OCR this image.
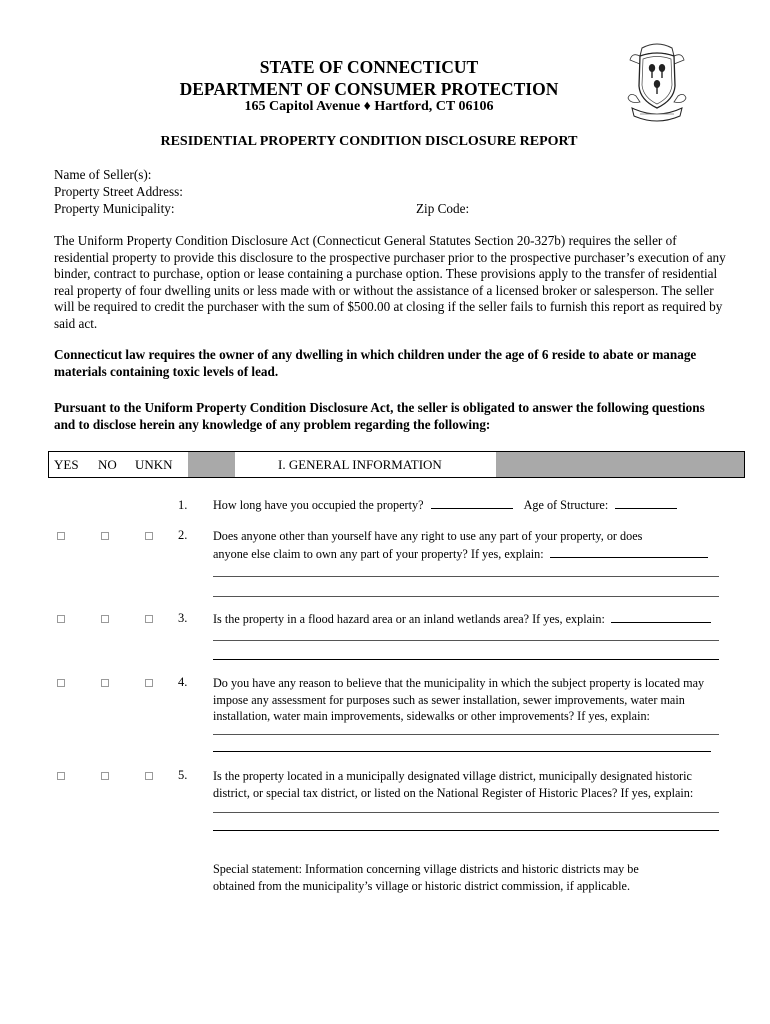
STATE OF CONNECTICUT
DEPARTMENT OF CONSUMER PROTECTION
165 Capitol Avenue ♦ Hartford, CT 06106
RESIDENTIAL PROPERTY CONDITION DISCLOSURE REPORT
Name of Seller(s):
Property Street Address:
Property Municipality:	Zip Code:
The Uniform Property Condition Disclosure Act (Connecticut General Statutes Section 20-327b) requires the seller of residential property to provide this disclosure to the prospective purchaser prior to the prospective purchaser’s execution of any binder, contract to purchase, option or lease containing a purchase option. These provisions apply to the transfer of residential real property of four dwelling units or less made with or without the assistance of a licensed broker or salesperson. The seller will be required to credit the purchaser with the sum of $500.00 at closing if the seller fails to furnish this report as required by said act.
Connecticut law requires the owner of any dwelling in which children under the age of 6 reside to abate or manage materials containing toxic levels of lead.
Pursuant to the Uniform Property Condition Disclosure Act, the seller is obligated to answer the following questions and to disclose herein any knowledge of any problem regarding the following:
YES NO UNKN	I. GENERAL INFORMATION
1. How long have you occupied the property?	Age of Structure:
2. Does anyone other than yourself have any right to use any part of your property, or does
anyone else claim to own any part of your property? If yes, explain:
3. Is the property in a flood hazard area or an inland wetlands area? If yes, explain:
4. Do you have any reason to believe that the municipality in which the subject property is located may impose any assessment for purposes such as sewer installation, sewer improvements, water main installation, water main improvements, sidewalks or other improvements? If yes, explain:
5. Is the property located in a municipally designated village district, municipally designated historic district, or special tax district, or listed on the National Register of Historic Places? If yes, explain:
Special statement: Information concerning village districts and historic districts may be obtained from the municipality’s village or historic district commission, if applicable.
